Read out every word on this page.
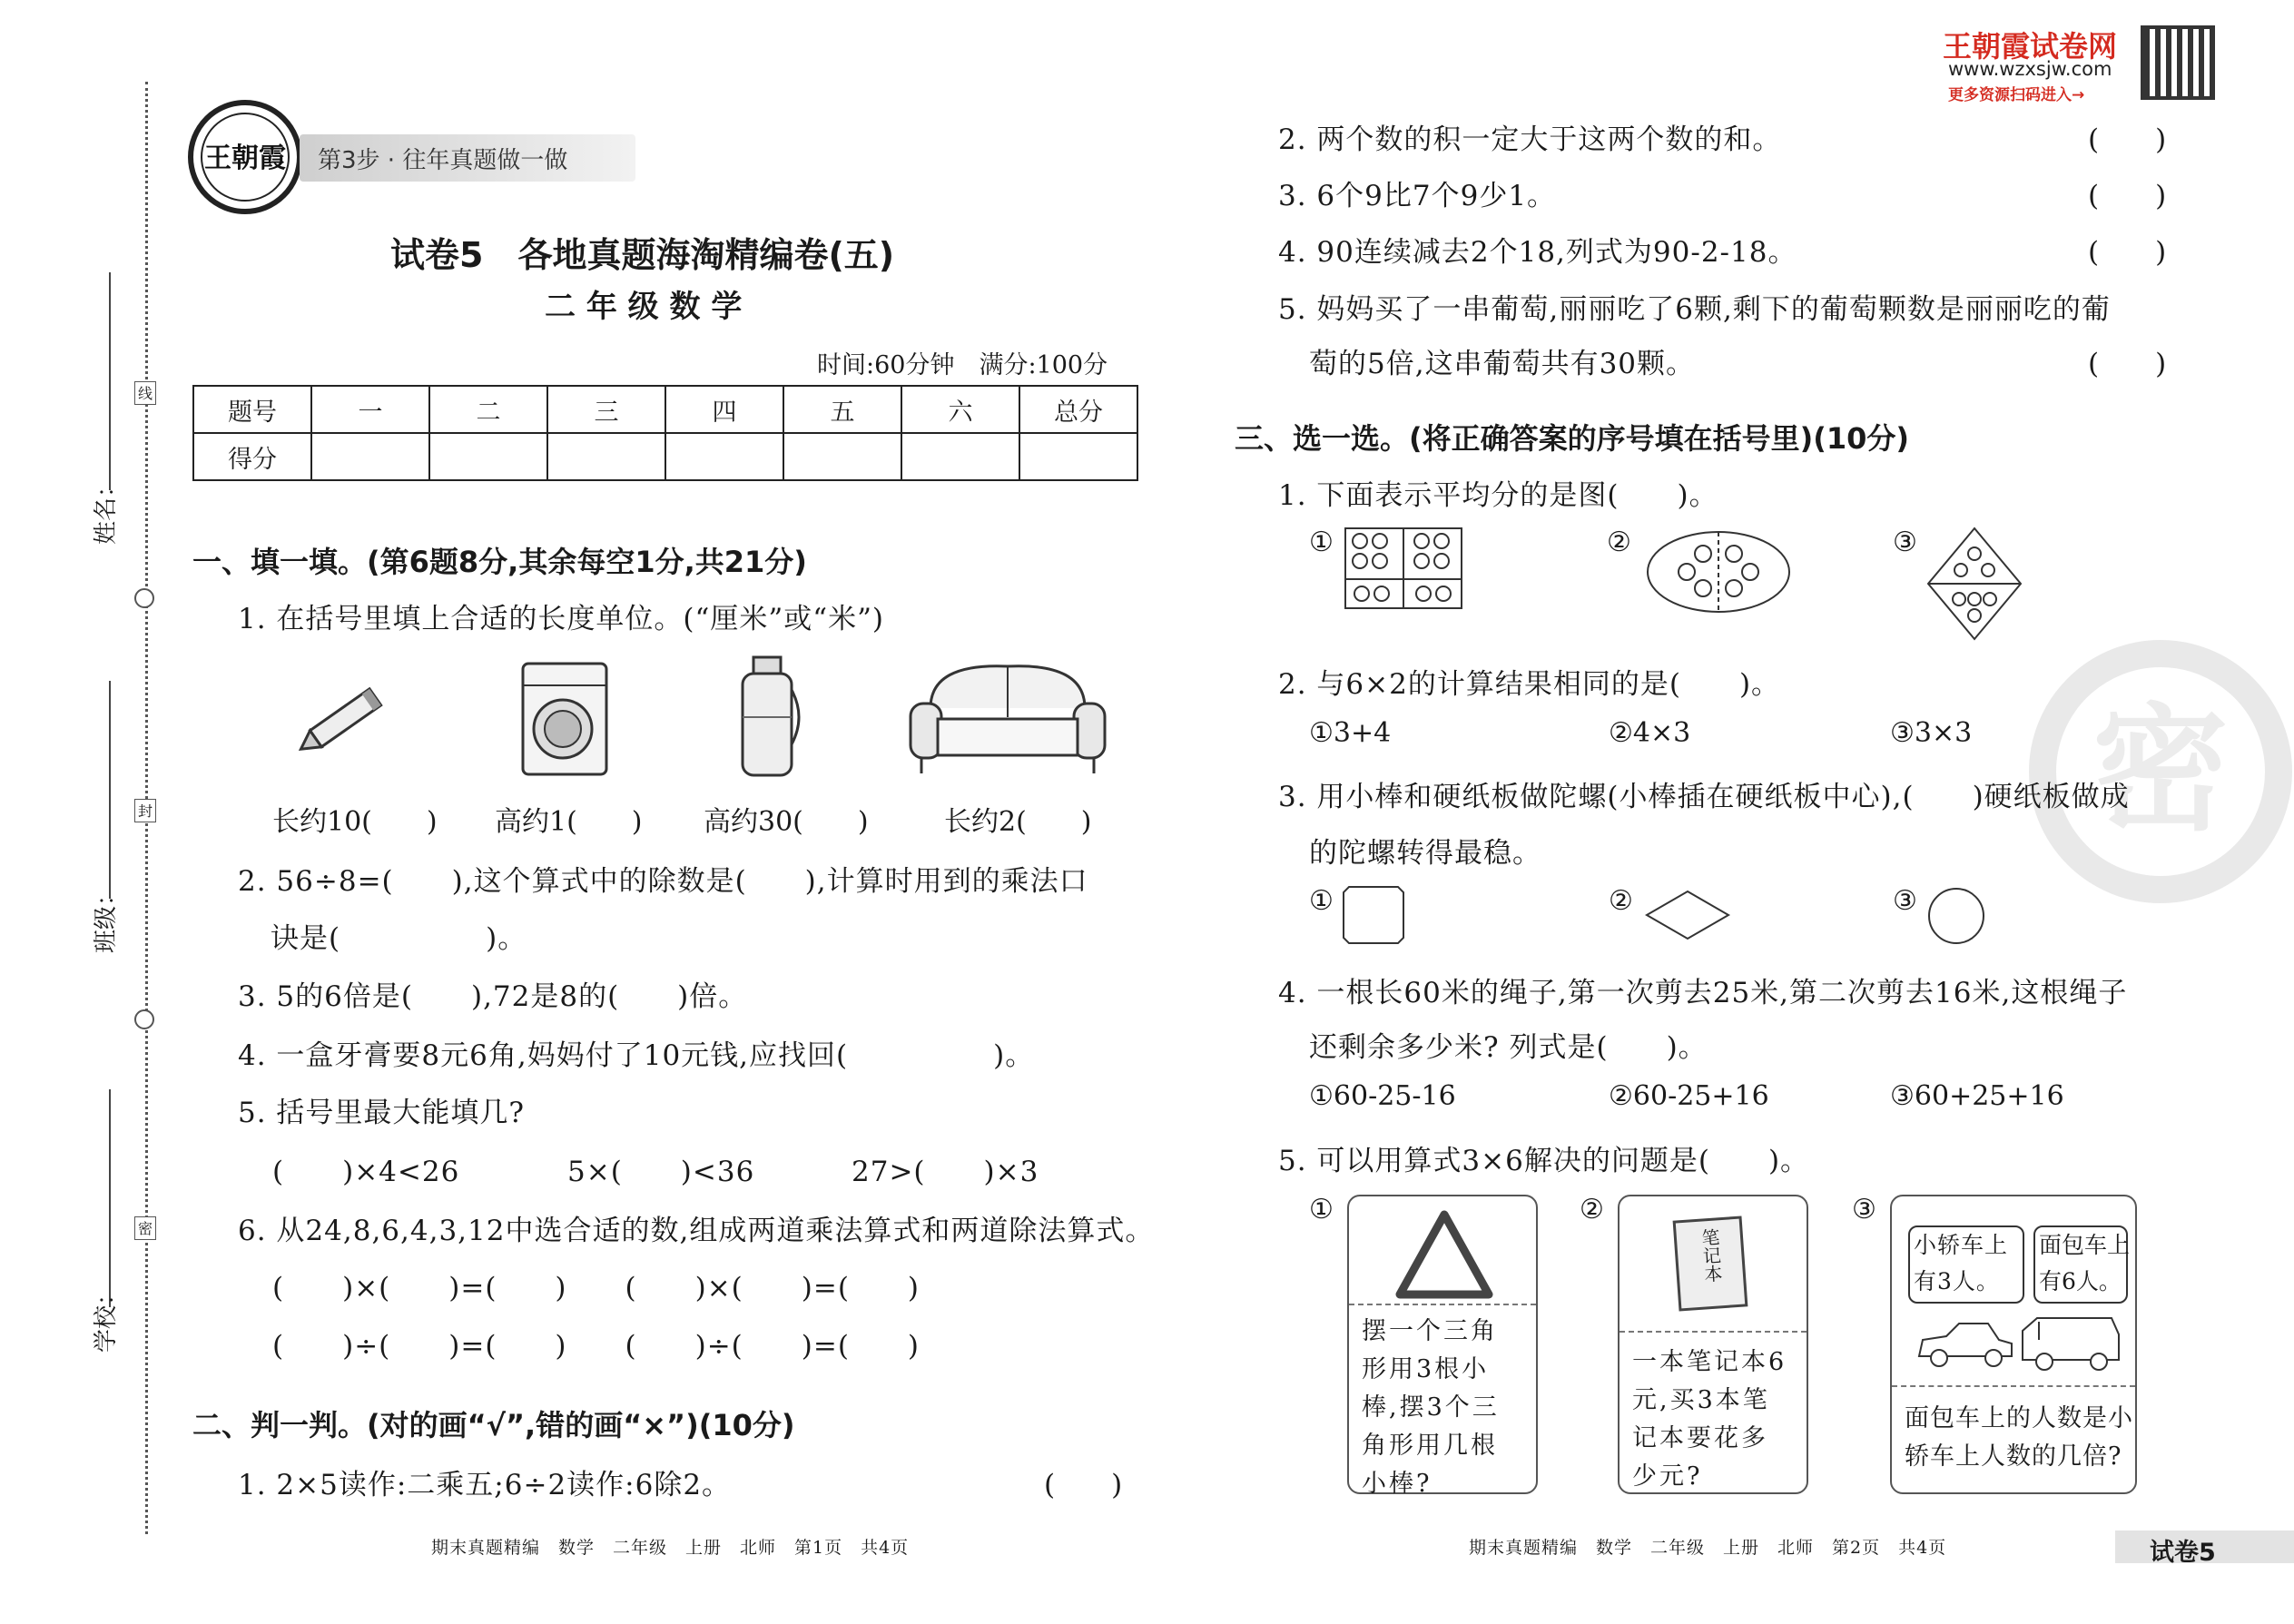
线
封
密
姓名：
班级：
学校：
王朝霞 第3步 · 往年真题做一做
试卷5　各地真题海淘精编卷(五)
二 年 级 数 学
时间:60分钟　满分:100分
题号	一	二	三	四	五	六	总分
得分							
一、填一填。(第6题8分,其余每空1分,共21分)
1. 在括号里填上合适的长度单位。(“厘米”或“米”)
长约10(　　) 高约1(　　) 高约30(　　)	长约2(　　)
2. 56÷8=(　　),这个算式中的除数是(　　),计算时用到的乘法口
诀是(　　　　　)。
3. 5的6倍是(　　),72是8的(　　)倍。
4. 一盒牙膏要8元6角,妈妈付了10元钱,应找回(　　　　　)。
5. 括号里最大能填几?
(　　)×4<26	5×(　　)<36	27>(　　)×3
6. 从24,8,6,4,3,12中选合适的数,组成两道乘法算式和两道除法算式。
(　　)×(　　)=(　　)　　(　　)×(　　)=(　　)
(　　)÷(　　)=(　　)　　(　　)÷(　　)=(　　)
二、判一判。(对的画“√”,错的画“×”)(10分)
1. 2×5读作:二乘五;6÷2读作:6除2。	(　　)
期末真题精编　数学　二年级　上册　北师　第1页　共4页
王朝霞试卷网
www.wzxsjw.com
更多资源扫码进入→
密
2. 两个数的积一定大于这两个数的和。	(　　)
3. 6个9比7个9少1。	(　　)
4. 90连续减去2个18,列式为90-2-18。	(　　)
5. 妈妈买了一串葡萄,丽丽吃了6颗,剩下的葡萄颗数是丽丽吃的葡
萄的5倍,这串葡萄共有30颗。	(　　)
三、选一选。(将正确答案的序号填在括号里)(10分)
1. 下面表示平均分的是图(　　)。
①	②	③
2. 与6×2的计算结果相同的是(　　)。
①3+4	②4×3	③3×3
3. 用小棒和硬纸板做陀螺(小棒插在硬纸板中心),(　　)硬纸板做成
的陀螺转得最稳。
①	②	③
4. 一根长60米的绳子,第一次剪去25米,第二次剪去16米,这根绳子
还剩余多少米? 列式是(　　)。
①60-25-16	②60-25+16	③60+25+16
5. 可以用算式3×6解决的问题是(　　)。
①
摆一个三角
形用3根小
棒,摆3个三
角形用几根
小棒?
②
笔记本
一本笔记本6
元,买3本笔
记本要花多
少元?
③
小轿车上
有3人。
面包车上
有6人。
面包车上的人数是小
轿车上人数的几倍?
期末真题精编　数学　二年级　上册　北师　第2页　共4页	试卷5
